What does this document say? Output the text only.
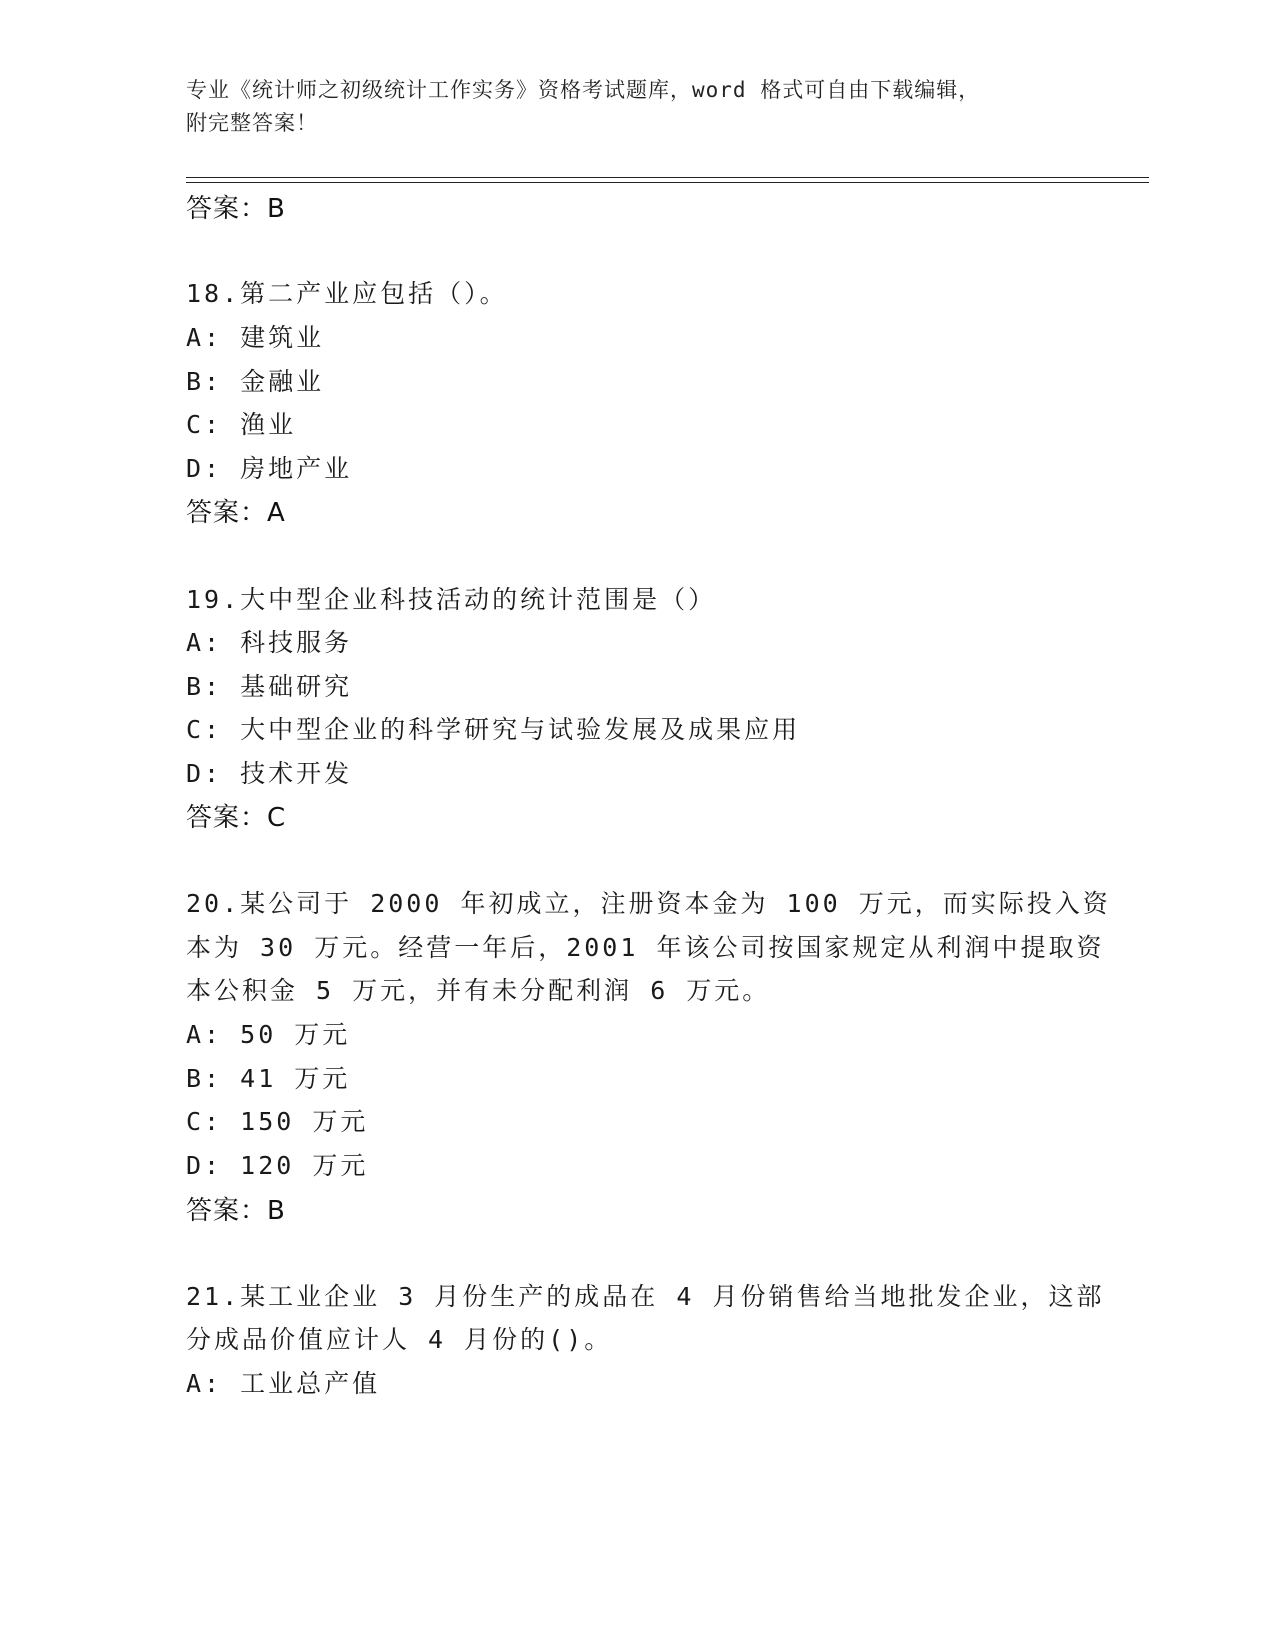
专业《统计师之初级统计工作实务》资格考试题库，word 格式可自由下载编辑，
附完整答案！
答案：B
18.第二产业应包括（）。
A: 建筑业
B: 金融业
C: 渔业
D: 房地产业
答案：A
19.大中型企业科技活动的统计范围是（）
A: 科技服务
B: 基础研究
C: 大中型企业的科学研究与试验发展及成果应用
D: 技术开发
答案：C
20.某公司于 2000 年初成立，注册资本金为 100 万元，而实际投入资
本为 30 万元。经营一年后，2001 年该公司按国家规定从利润中提取资
本公积金 5 万元，并有未分配利润 6 万元。
A: 50 万元
B: 41 万元
C: 150 万元
D: 120 万元
答案：B
21.某工业企业 3 月份生产的成品在 4 月份销售给当地批发企业，这部
分成品价值应计人 4 月份的()。
A: 工业总产值
